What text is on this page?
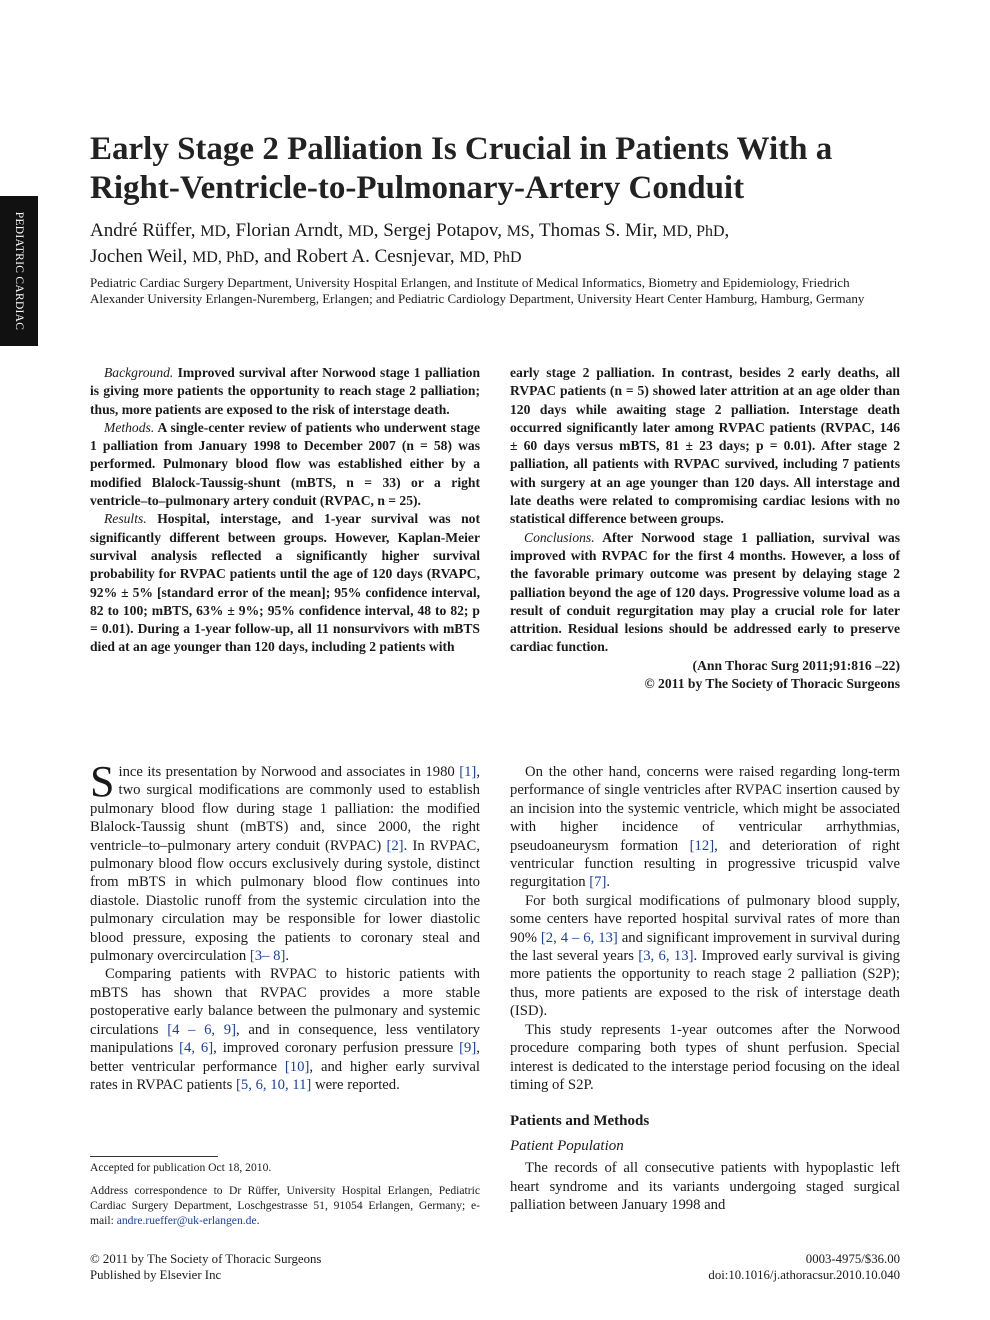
PEDIATRIC CARDIAC
Early Stage 2 Palliation Is Crucial in Patients With a Right-Ventricle-to-Pulmonary-Artery Conduit
André Rüffer, MD, Florian Arndt, MD, Sergej Potapov, MS, Thomas S. Mir, MD, PhD,
Jochen Weil, MD, PhD, and Robert A. Cesnjevar, MD, PhD
Pediatric Cardiac Surgery Department, University Hospital Erlangen, and Institute of Medical Informatics, Biometry and Epidemiology, Friedrich Alexander University Erlangen-Nuremberg, Erlangen; and Pediatric Cardiology Department, University Heart Center Hamburg, Hamburg, Germany

Background. Improved survival after Norwood stage 1 palliation is giving more patients the opportunity to reach stage 2 palliation; thus, more patients are exposed to the risk of interstage death.

Methods. A single-center review of patients who underwent stage 1 palliation from January 1998 to December 2007 (n = 58) was performed. Pulmonary blood flow was established either by a modified Blalock-Taussig-shunt (mBTS, n = 33) or a right ventricle–to–pulmonary artery conduit (RVPAC, n = 25).

Results. Hospital, interstage, and 1-year survival was not significantly different between groups. However, Kaplan-Meier survival analysis reflected a significantly higher survival probability for RVPAC patients until the age of 120 days (RVAPC, 92% ± 5% [standard error of the mean]; 95% confidence interval, 82 to 100; mBTS, 63% ± 9%; 95% confidence interval, 48 to 82; p = 0.01). During a 1-year follow-up, all 11 nonsurvivors with mBTS died at an age younger than 120 days, including 2 patients with

early stage 2 palliation. In contrast, besides 2 early deaths, all RVPAC patients (n = 5) showed later attrition at an age older than 120 days while awaiting stage 2 palliation. Interstage death occurred significantly later among RVPAC patients (RVPAC, 146 ± 60 days versus mBTS, 81 ± 23 days; p = 0.01). After stage 2 palliation, all patients with RVPAC survived, including 7 patients with surgery at an age younger than 120 days. All interstage and late deaths were related to compromising cardiac lesions with no statistical difference between groups.

Conclusions. After Norwood stage 1 palliation, survival was improved with RVPAC for the first 4 months. However, a loss of the favorable primary outcome was present by delaying stage 2 palliation beyond the age of 120 days. Progressive volume load as a result of conduit regurgitation may play a crucial role for later attrition. Residual lesions should be addressed early to preserve cardiac function.

(Ann Thorac Surg 2011;91:816 –22)

© 2011 by The Society of Thoracic Surgeons

Since its presentation by Norwood and associates in 1980 [1], two surgical modifications are commonly used to establish pulmonary blood flow during stage 1 palliation: the modified Blalock-Taussig shunt (mBTS) and, since 2000, the right ventricle–to–pulmonary artery conduit (RVPAC) [2]. In RVPAC, pulmonary blood flow occurs exclusively during systole, distinct from mBTS in which pulmonary blood flow continues into diastole. Diastolic runoff from the systemic circulation into the pulmonary circulation may be responsible for lower diastolic blood pressure, exposing the patients to coronary steal and pulmonary overcirculation [3– 8].

Comparing patients with RVPAC to historic patients with mBTS has shown that RVPAC provides a more stable postoperative early balance between the pulmonary and systemic circulations [4 – 6, 9], and in consequence, less ventilatory manipulations [4, 6], improved coronary perfusion pressure [9], better ventricular performance [10], and higher early survival rates in RVPAC patients [5, 6, 10, 11] were reported.

On the other hand, concerns were raised regarding long-term performance of single ventricles after RVPAC insertion caused by an incision into the systemic ventricle, which might be associated with higher incidence of ventricular arrhythmias, pseudoaneurysm formation [12], and deterioration of right ventricular function resulting in progressive tricuspid valve regurgitation [7].

For both surgical modifications of pulmonary blood supply, some centers have reported hospital survival rates of more than 90% [2, 4 – 6, 13] and significant improvement in survival during the last several years [3, 6, 13]. Improved early survival is giving more patients the opportunity to reach stage 2 palliation (S2P); thus, more patients are exposed to the risk of interstage death (ISD).

This study represents 1-year outcomes after the Norwood procedure comparing both types of shunt perfusion. Special interest is dedicated to the interstage period focusing on the ideal timing of S2P.

Patients and Methods
Patient Population

The records of all consecutive patients with hypoplastic left heart syndrome and its variants undergoing staged surgical palliation between January 1998 and

Accepted for publication Oct 18, 2010.

Address correspondence to Dr Rüffer, University Hospital Erlangen, Pediatric Cardiac Surgery Department, Loschgestrasse 51, 91054 Erlangen, Germany; e-mail: andre.rueffer@uk-erlangen.de.

© 2011 by The Society of Thoracic Surgeons
Published by Elsevier Inc
0003-4975/$36.00
doi:10.1016/j.athoracsur.2010.10.040
